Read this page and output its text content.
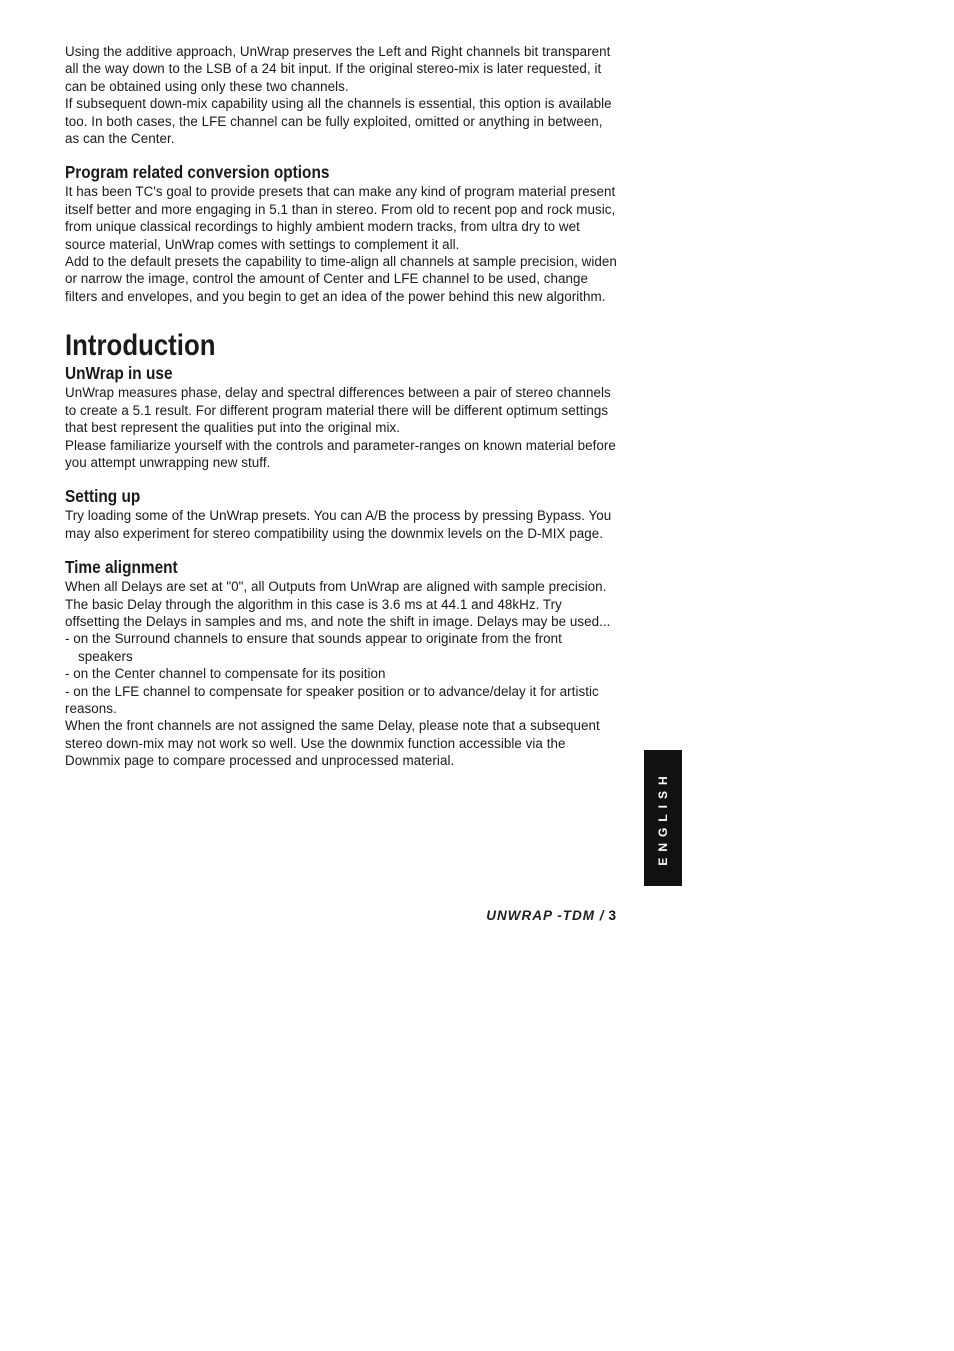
Using the additive approach, UnWrap preserves the Left and Right channels bit transparent all the way down to the LSB of a 24 bit input. If the original stereo-mix is later requested, it can be obtained using only these two channels.

If subsequent down-mix capability using all the channels is essential, this option is available too. In both cases, the LFE channel can be fully exploited, omitted or anything in between, as can the Center.

Program related conversion options

It has been TC's goal to provide presets that can make any kind of program material present itself better and more engaging in 5.1 than in stereo. From old to recent pop and rock music, from unique classical recordings to highly ambient modern tracks, from ultra dry to wet source material, UnWrap comes with settings to complement it all.

Add to the default presets the capability to time-align all channels at sample precision, widen or narrow the image, control the amount of Center and LFE channel to be used, change filters and envelopes, and you begin to get an idea of the power behind this new algorithm.

Introduction
UnWrap in use

UnWrap measures phase, delay and spectral differences between a pair of stereo channels to create a 5.1 result. For different program material there will be different optimum settings that best represent the qualities put into the original mix.

Please familiarize yourself with the controls and parameter-ranges on known material before you attempt unwrapping new stuff.

Setting up

Try loading some of the UnWrap presets. You can A/B the process by pressing Bypass. You may also experiment for stereo compatibility using the downmix levels on the D-MIX page.

Time alignment

When all Delays are set at "0", all Outputs from UnWrap are aligned with sample precision. The basic Delay through the algorithm in this case is 3.6 ms at 44.1 and 48kHz. Try offsetting the Delays in samples and ms, and note the shift in image. Delays may be used...

- on the Surround channels to ensure that sounds appear to originate from the front speakers

- on the Center channel to compensate for its position

- on the LFE channel to compensate for speaker position or to advance/delay it for artistic reasons.

When the front channels are not assigned the same Delay, please note that a subsequent stereo down-mix may not work so well. Use the downmix function accessible via the Downmix page to compare processed and unprocessed material.

ENGLISH
UNWRAP -TDM / 3
